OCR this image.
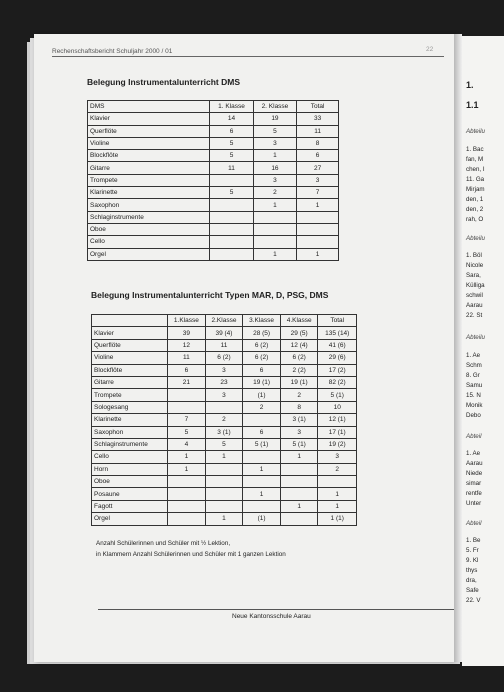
1.
1.1
Abteilu
1. Bac
fan, M
chen, I
11. Ga
Mirjam
den, 1
den, 2
rah, O
Abteilu
1. Böl
Nicole
Sara,
Külliga
schwil
Aarau
22. St
Abteilu
1. Ae
Schm
8. Gr
Samu
15. N
Monik
Debo
Abteil
1. Ae
Aarau
Niede
simar
rentfe
Unter
Abteil
1. Be
5. Fr
9. Kl
thys
dra,
Safe
22. V
Rechenschaftsbericht Schuljahr 2000 / 01	22
Belegung Instrumentalunterricht DMS
DMS	1. Klasse	2. Klasse	Total
Klavier	14	19	33
Querflöte	6	5	11
Violine	5	3	8
Blockflöte	5	1	6
Gitarre	11	16	27
Trompete		3	3
Klarinette	5	2	7
Saxophon		1	1
Schlaginstrumente			
Oboe			
Cello			
Orgel		1	1
Belegung Instrumentalunterricht Typen MAR, D, PSG, DMS
	1.Klasse	2.Klasse	3.Klasse	4.Klasse	Total
Klavier	39	39 (4)	28 (5)	29 (5)	135 (14)
Querflöte	12	11	6 (2)	12 (4)	41 (6)
Violine	11	6 (2)	6 (2)	6 (2)	29 (6)
Blockflöte	6	3	6	2 (2)	17 (2)
Gitarre	21	23	19 (1)	19 (1)	82 (2)
Trompete		3	(1)	2	5 (1)
Sologesang			2	8	10
Klarinette	7	2		3 (1)	12 (1)
Saxophon	5	3 (1)	6	3	17 (1)
Schlaginstrumente	4	5	5 (1)	5 (1)	19 (2)
Cello	1	1		1	3
Horn	1		1		2
Oboe					
Posaune			1		1
Fagott				1	1
Orgel		1	(1)		1 (1)
Anzahl Schülerinnen und Schüler mit ½ Lektion,
in Klammern Anzahl Schülerinnen und Schüler mit 1 ganzen Lektion
Neue Kantonsschule Aarau
